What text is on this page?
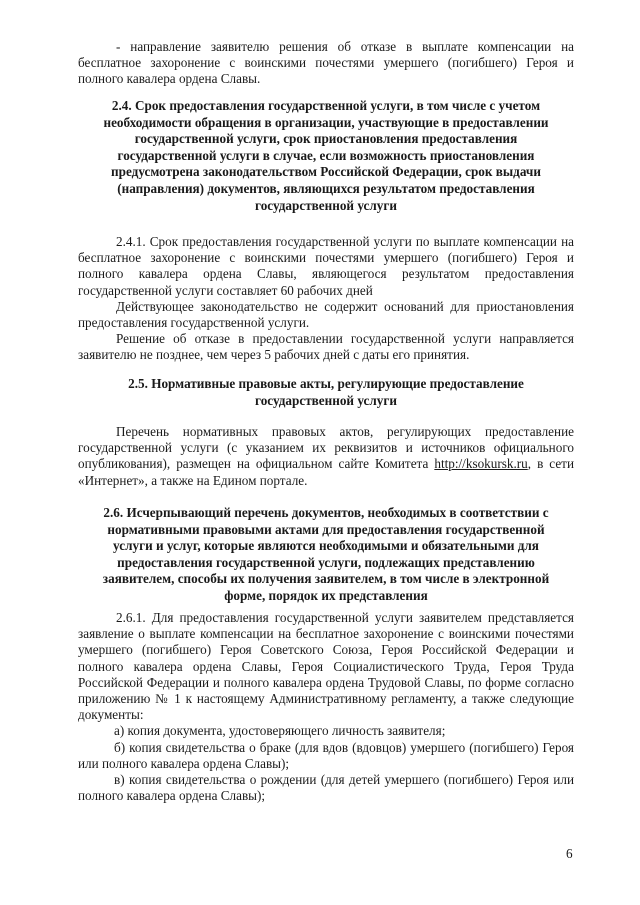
- направление заявителю решения об отказе в выплате компенсации на бесплатное захоронение с воинскими почестями умершего (погибшего) Героя и полного кавалера ордена Славы.

2.4. Срок предоставления государственной услуги, в том числе с учетом необходимости обращения в организации, участвующие в предоставлении государственной услуги, срок приостановления предоставления государственной услуги в случае, если возможность приостановления предусмотрена законодательством Российской Федерации, срок выдачи (направления) документов, являющихся результатом предоставления государственной услуги

2.4.1. Срок предоставления государственной услуги по выплате компенсации на бесплатное захоронение с воинскими почестями умершего (погибшего) Героя и полного кавалера ордена Славы, являющегося результатом предоставления государственной услуги составляет 60 рабочих дней

Действующее законодательство не содержит оснований для приостановления предоставления государственной услуги.

Решение об отказе в предоставлении государственной услуги направляется заявителю не позднее, чем через 5 рабочих дней с даты его принятия.

2.5. Нормативные правовые акты, регулирующие предоставление государственной услуги

Перечень нормативных правовых актов, регулирующих предоставление государственной услуги (с указанием их реквизитов и источников официального опубликования), размещен на официальном сайте Комитета http://ksokursk.ru, в сети «Интернет», а также на Едином портале.

2.6. Исчерпывающий перечень документов, необходимых в соответствии с нормативными правовыми актами для предоставления государственной услуги и услуг, которые являются необходимыми и обязательными для предоставления государственной услуги, подлежащих представлению заявителем, способы их получения заявителем, в том числе в электронной форме, порядок их представления

2.6.1. Для предоставления государственной услуги заявителем представляется заявление о выплате компенсации на бесплатное захоронение с воинскими почестями умершего (погибшего) Героя Советского Союза, Героя Российской Федерации и полного кавалера ордена Славы, Героя Социалистического Труда, Героя Труда Российской Федерации и полного кавалера ордена Трудовой Славы, по форме согласно приложению № 1 к настоящему Административному регламенту, а также следующие документы:

а) копия документа, удостоверяющего личность заявителя;

б) копия свидетельства о браке (для вдов (вдовцов) умершего (погибшего) Героя или полного кавалера ордена Славы);

в) копия свидетельства о рождении (для детей умершего (погибшего) Героя или полного кавалера ордена Славы);

6
